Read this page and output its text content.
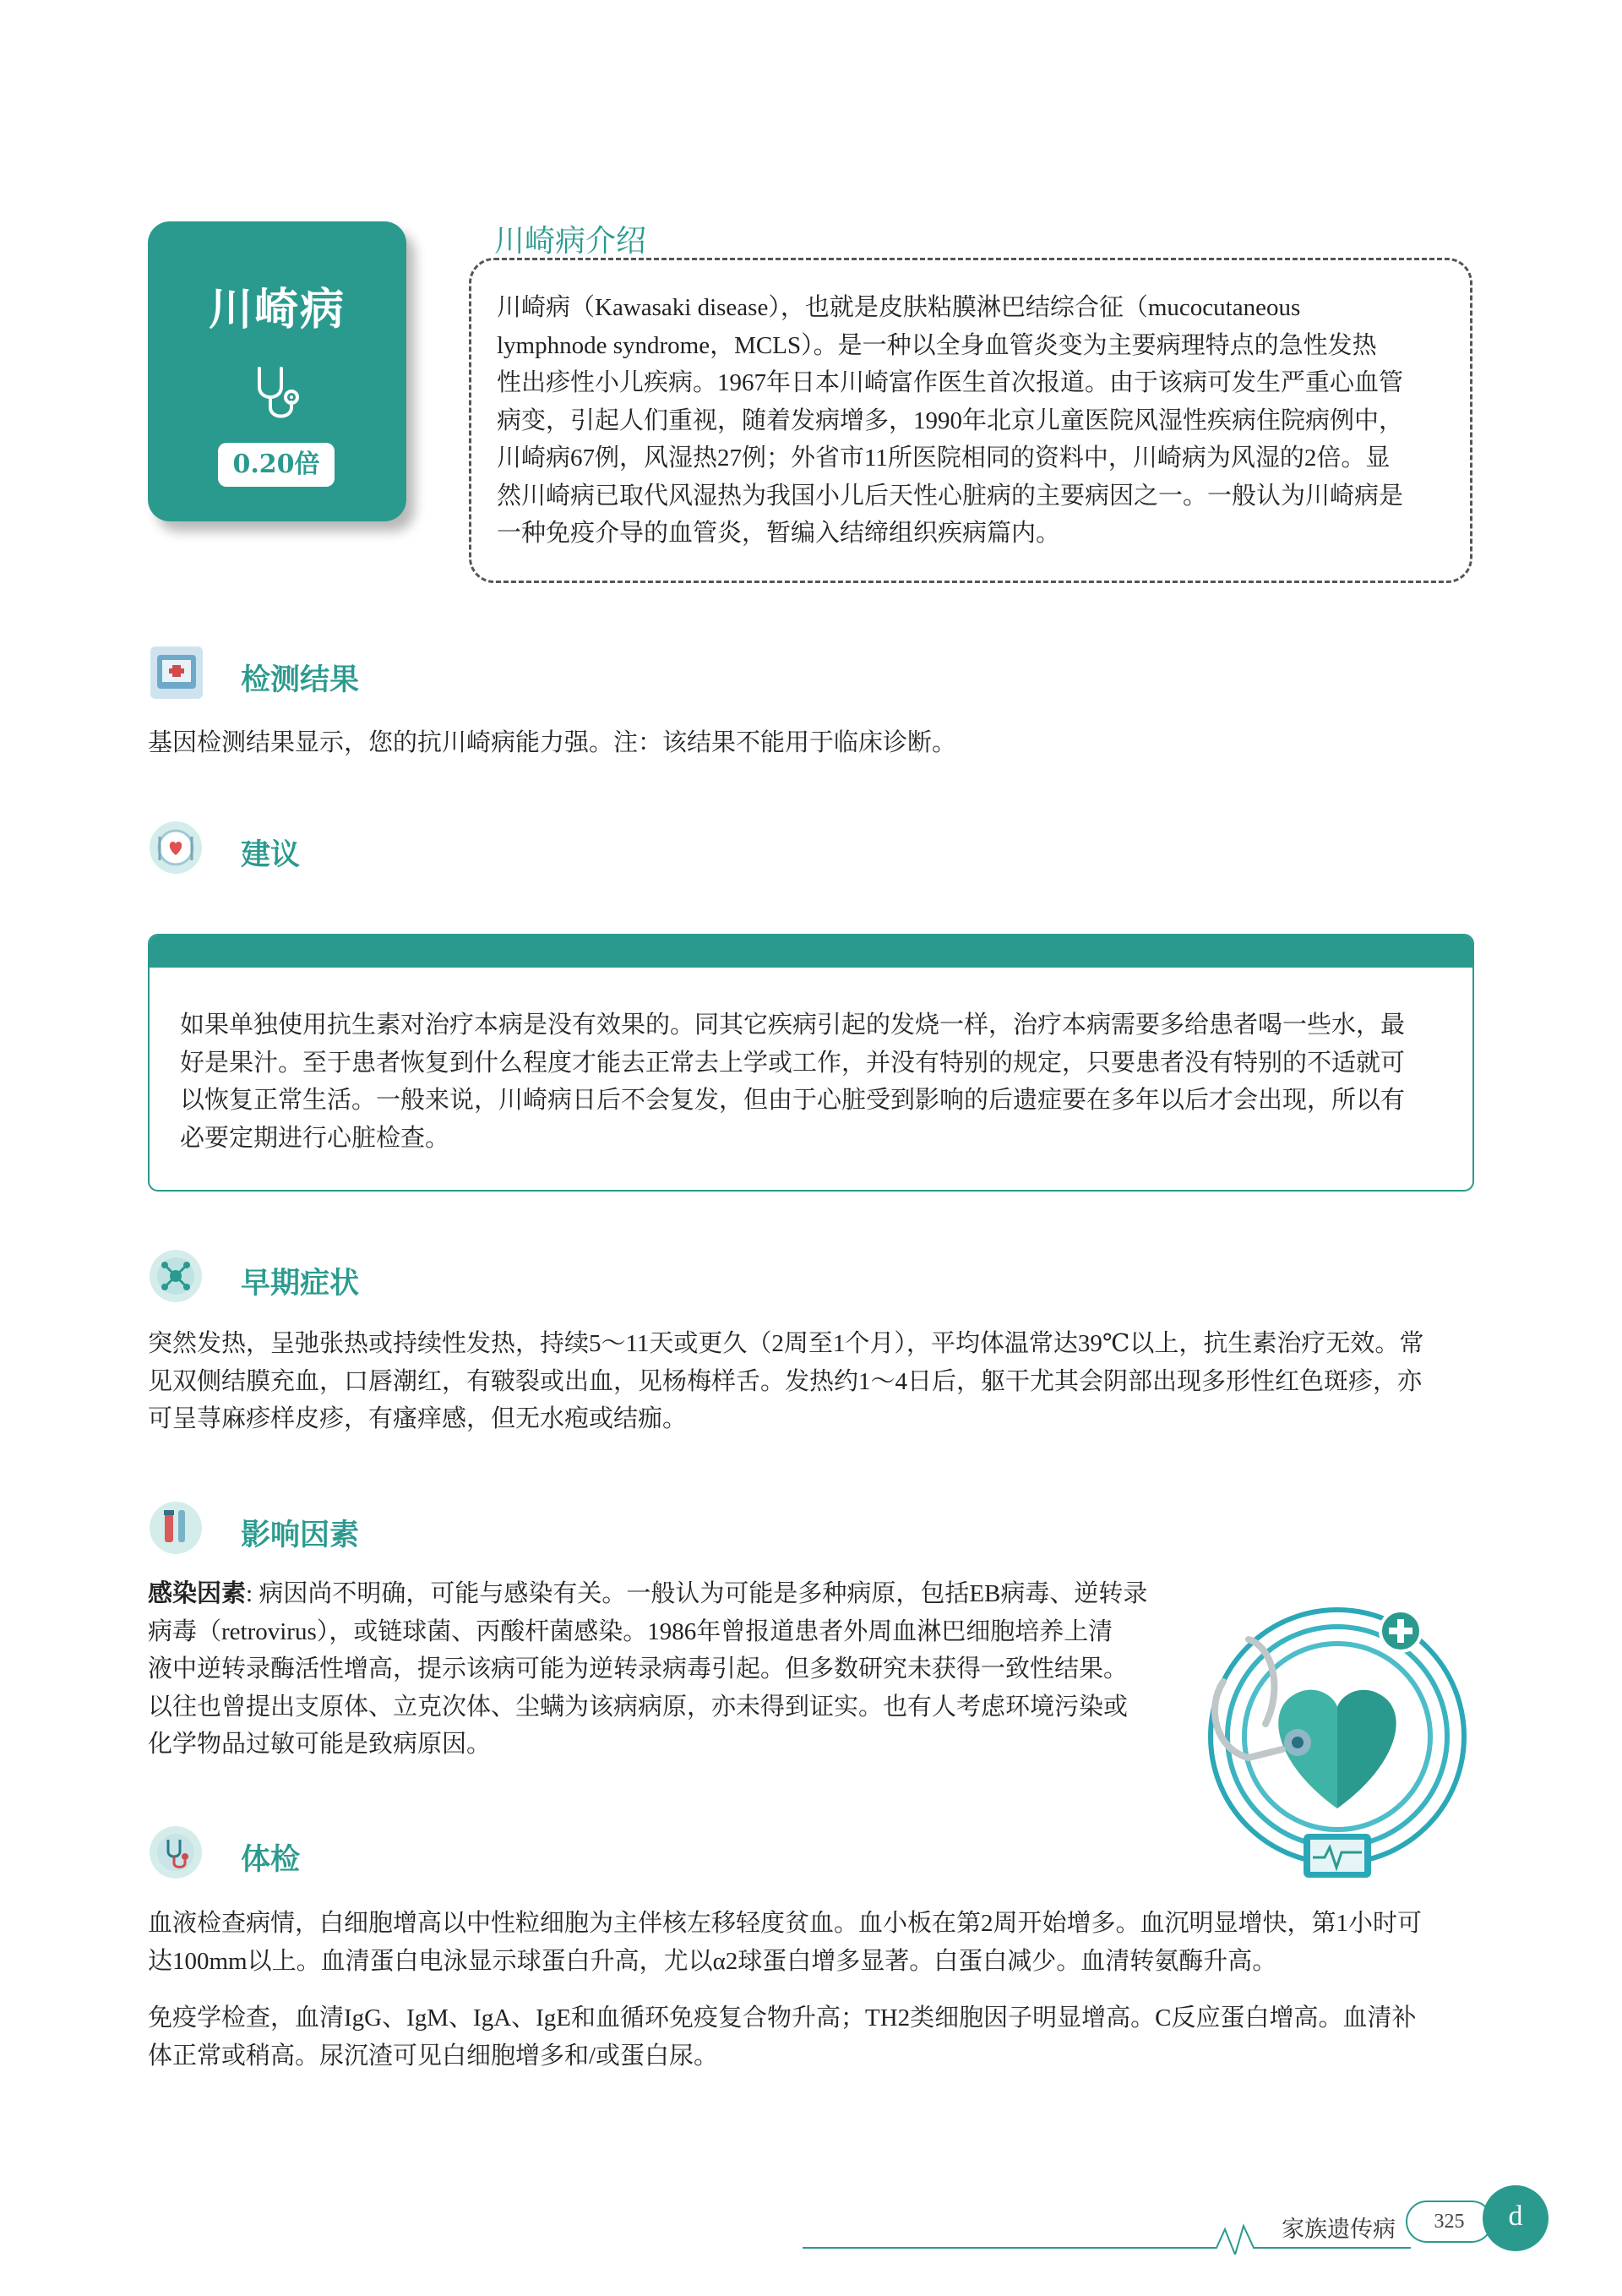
川崎病
0.20倍
川崎病介绍
川崎病（Kawasaki disease），也就是皮肤粘膜淋巴结综合征（mucocutaneous
lymphnode syndrome，MCLS）。是一种以全身血管炎变为主要病理特点的急性发热
性出疹性小儿疾病。1967年日本川崎富作医生首次报道。由于该病可发生严重心血管
病变，引起人们重视，随着发病增多，1990年北京儿童医院风湿性疾病住院病例中，
川崎病67例，风湿热27例；外省市11所医院相同的资料中，川崎病为风湿的2倍。显
然川崎病已取代风湿热为我国小儿后天性心脏病的主要病因之一。一般认为川崎病是
一种免疫介导的血管炎，暂编入结缔组织疾病篇内。
检测结果
基因检测结果显示，您的抗川崎病能力强。注：该结果不能用于临床诊断。
建议
如果单独使用抗生素对治疗本病是没有效果的。同其它疾病引起的发烧一样，治疗本病需要多给患者喝一些水，最
好是果汁。至于患者恢复到什么程度才能去正常去上学或工作，并没有特别的规定，只要患者没有特别的不适就可
以恢复正常生活。一般来说，川崎病日后不会复发，但由于心脏受到影响的后遗症要在多年以后才会出现，所以有
必要定期进行心脏检查。
早期症状
突然发热，呈弛张热或持续性发热，持续5～11天或更久（2周至1个月），平均体温常达39℃以上，抗生素治疗无效。常
见双侧结膜充血，口唇潮红，有皲裂或出血，见杨梅样舌。发热约1～4日后，躯干尤其会阴部出现多形性红色斑疹，亦
可呈荨麻疹样皮疹，有瘙痒感，但无水疱或结痂。
影响因素
感染因素: 病因尚不明确，可能与感染有关。一般认为可能是多种病原，包括EB病毒、逆转录
病毒（retrovirus），或链球菌、丙酸杆菌感染。1986年曾报道患者外周血淋巴细胞培养上清
液中逆转录酶活性增高，提示该病可能为逆转录病毒引起。但多数研究未获得一致性结果。
以往也曾提出支原体、立克次体、尘螨为该病病原，亦未得到证实。也有人考虑环境污染或
化学物品过敏可能是致病原因。
体检
血液检查病情，白细胞增高以中性粒细胞为主伴核左移轻度贫血。血小板在第2周开始增多。血沉明显增快，第1小时可
达100mm以上。血清蛋白电泳显示球蛋白升高，尤以α2球蛋白增多显著。白蛋白减少。血清转氨酶升高。
免疫学检查，血清IgG、IgM、IgA、IgE和血循环免疫复合物升高；TH2类细胞因子明显增高。C反应蛋白增高。血清补
体正常或稍高。尿沉渣可见白细胞增多和/或蛋白尿。
家族遗传病	325	d
